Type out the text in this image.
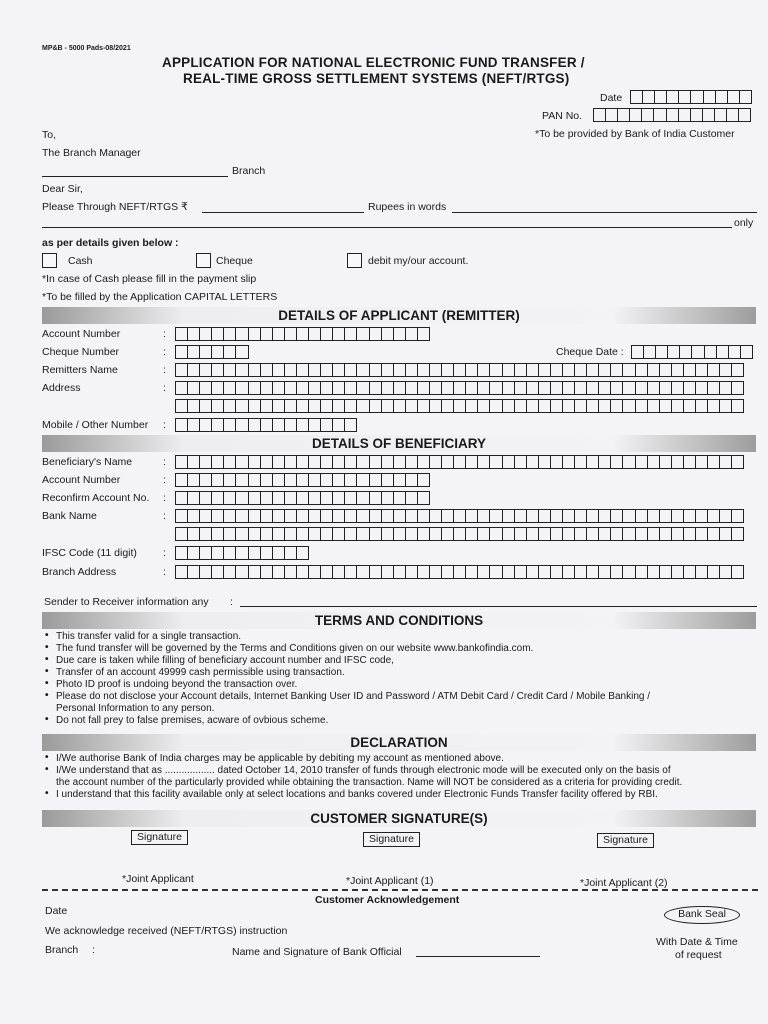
MP&B - 5000 Pads-08/2021
APPLICATION FOR NATIONAL ELECTRONIC FUND TRANSFER /
REAL-TIME GROSS SETTLEMENT SYSTEMS (NEFT/RTGS)
Date
PAN No.
*To be provided by Bank of India Customer
To,
The Branch Manager
Branch
Dear Sir,
Please Through NEFT/RTGS ₹	Rupees in words
only
as per details given below :
Cash	Cheque	debit my/our account.
*In case of Cash please fill in the payment slip
*To be filled by the Application CAPITAL LETTERS
DETAILS OF APPLICANT (REMITTER)
Account Number	:
Cheque Number	:	Cheque Date :
Remitters Name	:
Address	:
Mobile / Other Number :
DETAILS OF BENEFICIARY
Beneficiary's Name	:
Account Number	:
Reconfirm Account No. :
Bank Name	:
IFSC Code (11 digit) :
Branch Address	:
Sender to Receiver information any :
TERMS AND CONDITIONS
• This transfer valid for a single transaction.
• The fund transfer will be governed by the Terms and Conditions given on our website www.bankofindia.com.
• Due care is taken while filling of beneficiary account number and IFSC code,
• Transfer of an account 49999 cash permissible using transaction.
• Photo ID proof is undoing beyond the transaction over.
• Please do not disclose your Account details, Internet Banking User ID and Password / ATM Debit Card / Credit Card / Mobile Banking /
Personal Information to any person.
• Do not fall prey to false premises, acware of ovbious scheme.
DECLARATION
• I/We authorise Bank of India charges may be applicable by debiting my account as mentioned above.
• I/We understand that as .................. dated October 14, 2010 transfer of funds through electronic mode will be executed only on the basis of
the account number of the particularly provided while obtaining the transaction. Name will NOT be considered as a criteria for providing credit.
• I understand that this facility available only at select locations and banks covered under Electronic Funds Transfer facility offered by RBI.
CUSTOMER SIGNATURE(S)
Signature	Signature	Signature
*Joint Applicant	*Joint Applicant (1)	*Joint Applicant (2)
Customer Acknowledgement
Date
We acknowledge received (NEFT/RTGS) instruction
Branch :	Name and Signature of Bank Official
Bank Seal
With Date & Time
of request
